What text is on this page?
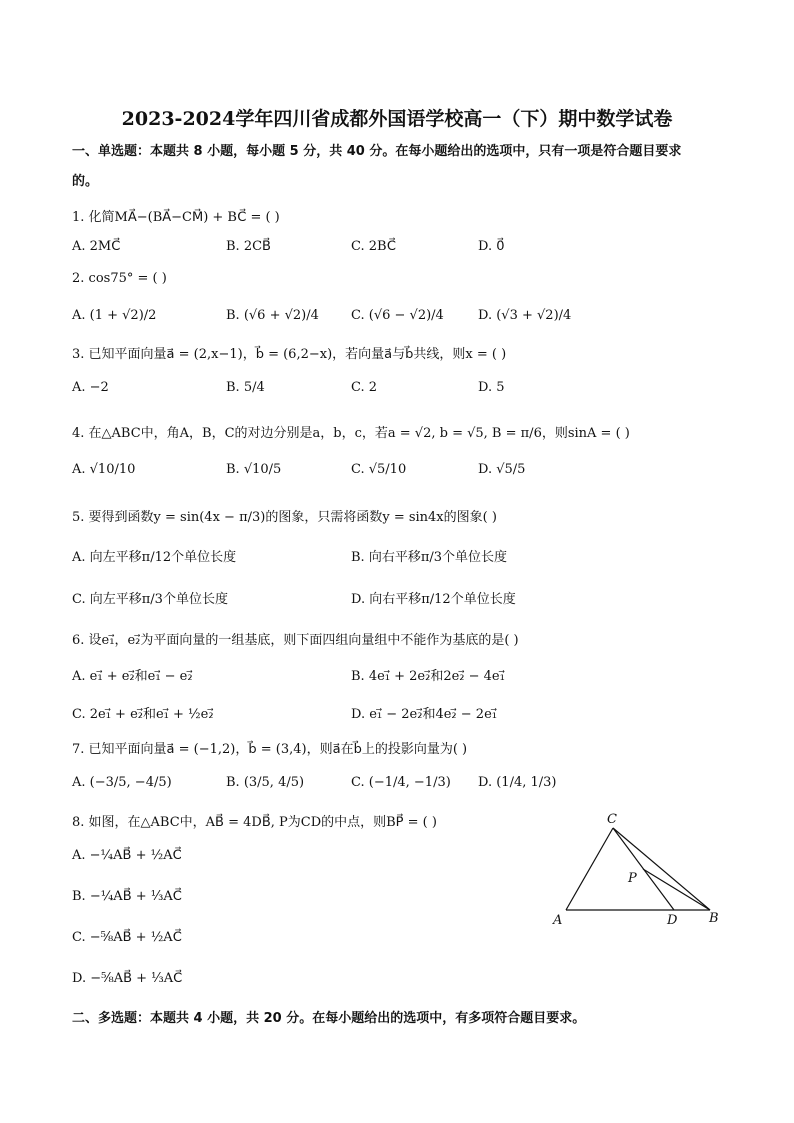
2023-2024学年四川省成都外国语学校高一（下）期中数学试卷
一、单选题：本题共 8 小题，每小题 5 分，共 40 分。在每小题给出的选项中，只有一项是符合题目要求
的。
1. 化简MA⃗−(BA⃗−CM⃗) + BC⃗ = ( )
A. 2MC⃗	B. 2CB⃗	C. 2BC⃗	D. 0⃗
2. cos75° = ( )
A. (1 + √2)/2	B. (√6 + √2)/4 C. (√6 − √2)/4	D. (√3 + √2)/4
3. 已知平面向量a⃗ = (2,x−1)，b⃗ = (6,2−x)，若向量a⃗与b⃗共线，则x = ( )
A. −2	B. 5/4	C. 2	D. 5
4. 在△ABC中，角A，B，C的对边分别是a，b，c，若a = √2, b = √5, B = π/6，则sinA = ( )
A. √10/10	B. √10/5	C. √5/10	D. √5/5
5. 要得到函数y = sin(4x − π/3)的图象，只需将函数y = sin4x的图象( )
A. 向左平移π/12个单位长度	B. 向右平移π/3个单位长度
C. 向左平移π/3个单位长度	D. 向右平移π/12个单位长度
6. 设e₁⃗，e₂⃗为平面向量的一组基底，则下面四组向量组中不能作为基底的是( )
A. e₁⃗ + e₂⃗和e₁⃗ − e₂⃗	B. 4e₁⃗ + 2e₂⃗和2e₂⃗ − 4e₁⃗
C. 2e₁⃗ + e₂⃗和e₁⃗ + ½e₂⃗	D. e₁⃗ − 2e₂⃗和4e₂⃗ − 2e₁⃗
7. 已知平面向量a⃗ = (−1,2)，b⃗ = (3,4)，则a⃗在b⃗上的投影向量为( )
A. (−3/5, −4/5)	B. (3/5, 4/5)	C. (−1/4, −1/3) D. (1/4, 1/3)
8. 如图，在△ABC中，AB⃗ = 4DB⃗, P为CD的中点，则BP⃗ = ( )
A. −¼AB⃗ + ½AC⃗
B. −¼AB⃗ + ⅓AC⃗
C. −⅝AB⃗ + ½AC⃗
D. −⅝AB⃗ + ⅓AC⃗
C
P
A	D B
二、多选题：本题共 4 小题，共 20 分。在每小题给出的选项中，有多项符合题目要求。
